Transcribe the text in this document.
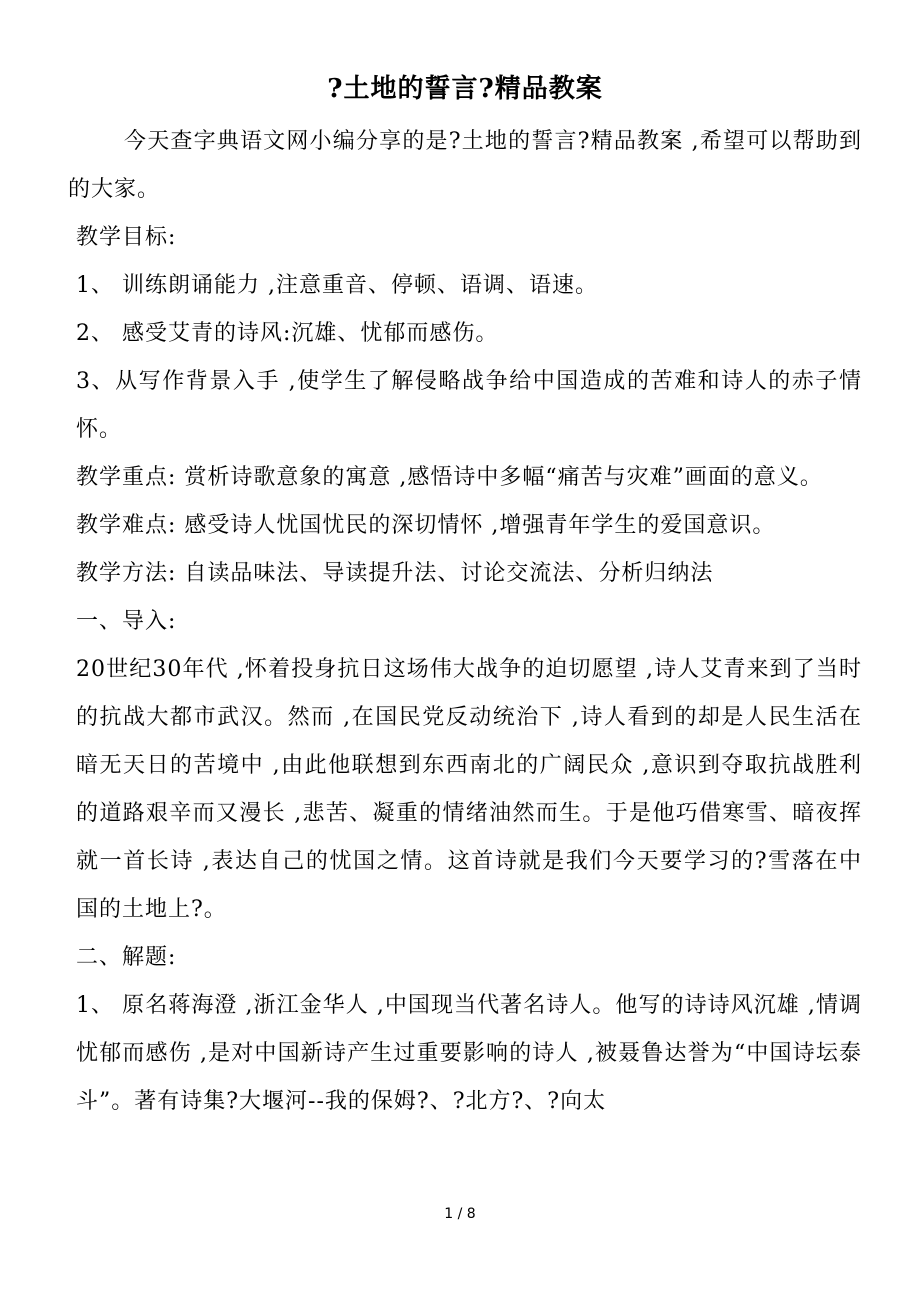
?土地的誓言?精品教案

今天查字典语文网小编分享的是?土地的誓言?精品教案 ,希望可以帮助到的大家。

教学目标:

1、 训练朗诵能力 ,注意重音、停顿、语调、语速。

2、 感受艾青的诗风:沉雄、忧郁而感伤。

3、从写作背景入手 ,使学生了解侵略战争给中国造成的苦难和诗人的赤子情怀。

教学重点: 赏析诗歌意象的寓意 ,感悟诗中多幅“痛苦与灾难”画面的意义。

教学难点: 感受诗人忧国忧民的深切情怀 ,增强青年学生的爱国意识。

教学方法: 自读品味法、导读提升法、讨论交流法、分析归纳法

一、导入:

20世纪30年代 ,怀着投身抗日这场伟大战争的迫切愿望 ,诗人艾青来到了当时的抗战大都市武汉。然而 ,在国民党反动统治下 ,诗人看到的却是人民生活在暗无天日的苦境中 ,由此他联想到东西南北的广阔民众 ,意识到夺取抗战胜利的道路艰辛而又漫长 ,悲苦、凝重的情绪油然而生。于是他巧借寒雪、暗夜挥就一首长诗 ,表达自己的忧国之情。这首诗就是我们今天要学习的?雪落在中国的土地上?。

二、解题:

1、 原名蒋海澄 ,浙江金华人 ,中国现当代著名诗人。他写的诗诗风沉雄 ,情调忧郁而感伤 ,是对中国新诗产生过重要影响的诗人 ,被聂鲁达誉为“中国诗坛泰斗”。著有诗集?大堰河--我的保姆?、?北方?、?向太

1 / 8
